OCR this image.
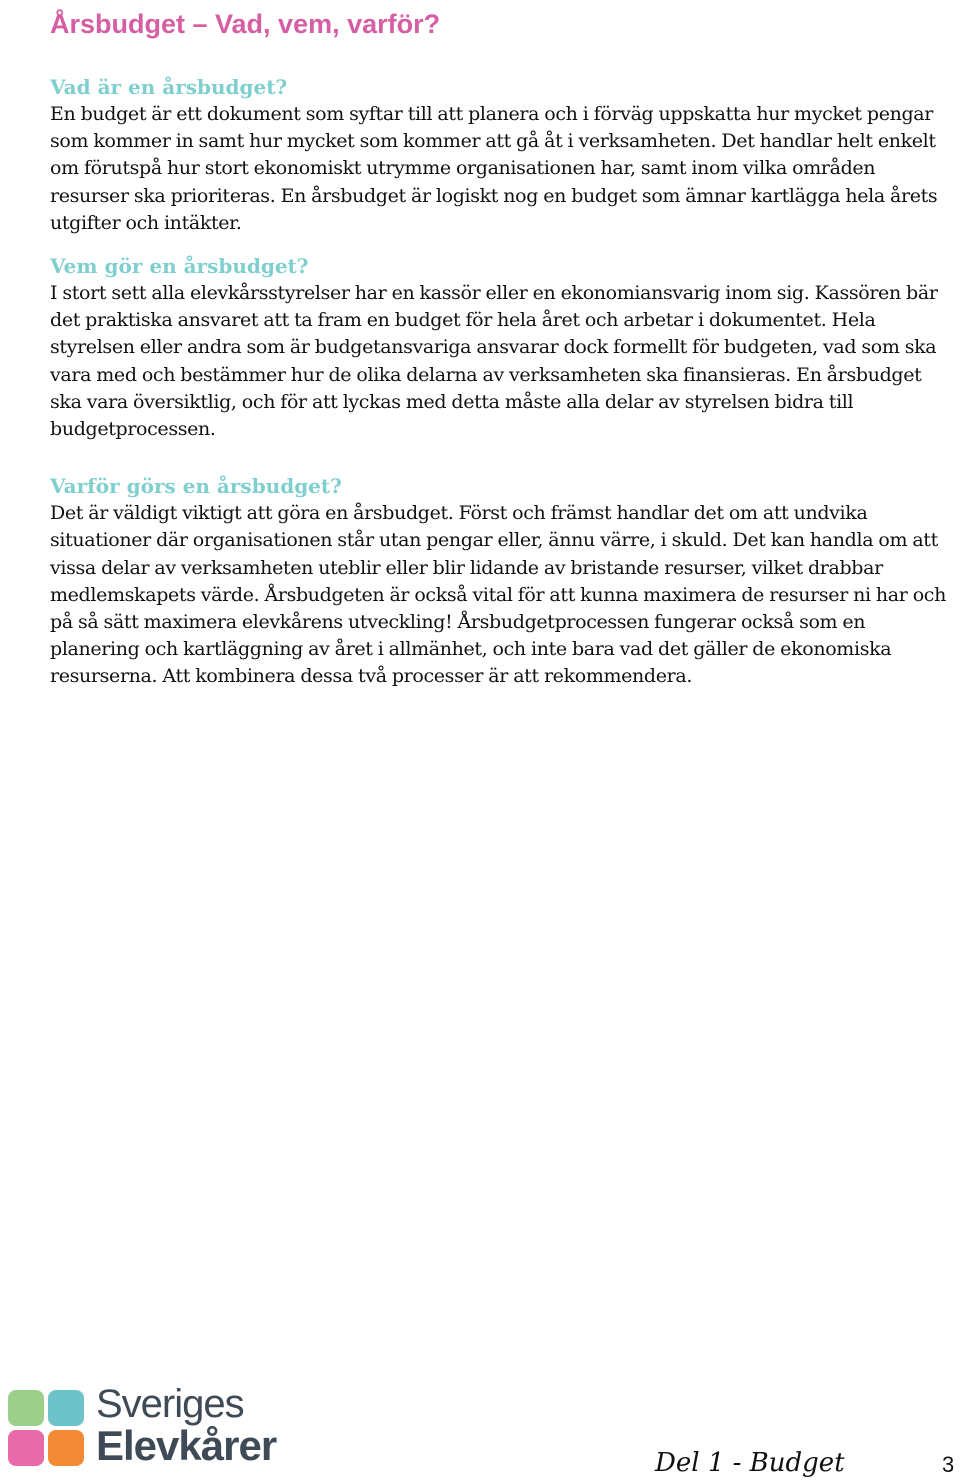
Årsbudget – Vad, vem, varför?
Vad är en årsbudget?

En budget är ett dokument som syftar till att planera och i förväg uppskatta hur mycket pengar som kommer in samt hur mycket som kommer att gå åt i verksamheten. Det handlar helt enkelt om förutspå hur stort ekonomiskt utrymme organisationen har, samt inom vilka områden resurser ska prioriteras. En årsbudget är logiskt nog en budget som ämnar kartlägga hela årets utgifter och intäkter.

Vem gör en årsbudget?

I stort sett alla elevkårsstyrelser har en kassör eller en ekonomiansvarig inom sig. Kassören bär det praktiska ansvaret att ta fram en budget för hela året och arbetar i dokumentet. Hela styrelsen eller andra som är budgetansvariga ansvarar dock formellt för budgeten, vad som ska vara med och bestämmer hur de olika delarna av verksamheten ska finansieras. En årsbudget ska vara översiktlig, och för att lyckas med detta måste alla delar av styrelsen bidra till budgetprocessen.

Varför görs en årsbudget?

Det är väldigt viktigt att göra en årsbudget. Först och främst handlar det om att undvika situationer där organisationen står utan pengar eller, ännu värre, i skuld. Det kan handla om att vissa delar av verksamheten uteblir eller blir lidande av bristande resurser, vilket drabbar medlemskapets värde. Årsbudgeten är också vital för att kunna maximera de resurser ni har och på så sätt maximera elevkårens utveckling! Årsbudgetprocessen fungerar också som en planering och kartläggning av året i allmänhet, och inte bara vad det gäller de ekonomiska resurserna. Att kombinera dessa två processer är att rekommendera.

Sveriges
Elevkårer	Del 1 - Budget	3
